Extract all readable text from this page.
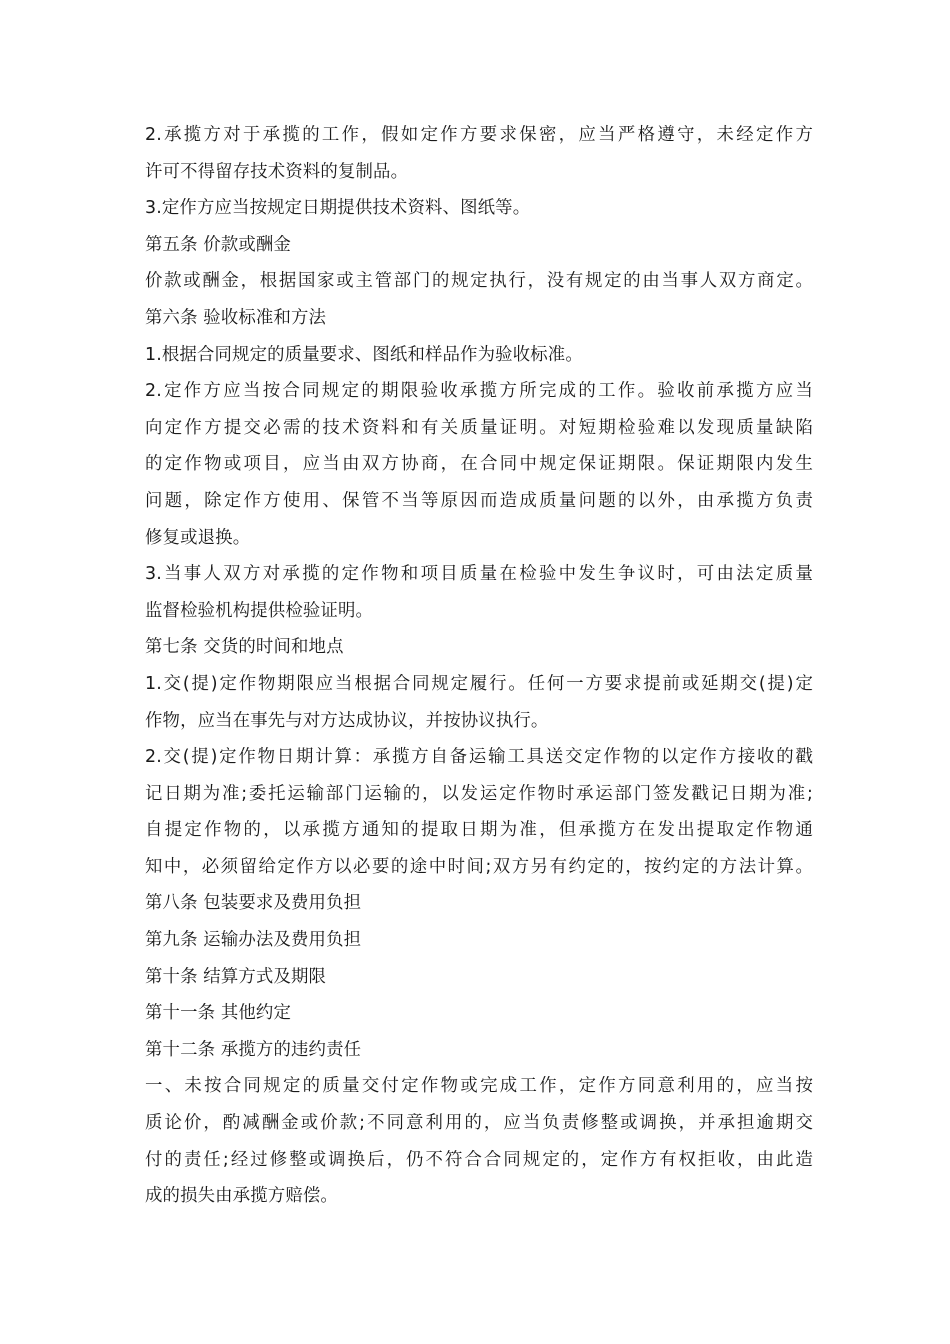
2.承揽方对于承揽的工作，假如定作方要求保密，应当严格遵守，未经定作方
许可不得留存技术资料的复制品。
3.定作方应当按规定日期提供技术资料、图纸等。
第五条 价款或酬金
价款或酬金，根据国家或主管部门的规定执行，没有规定的由当事人双方商定。
第六条 验收标准和方法
1.根据合同规定的质量要求、图纸和样品作为验收标准。
2.定作方应当按合同规定的期限验收承揽方所完成的工作。验收前承揽方应当
向定作方提交必需的技术资料和有关质量证明。对短期检验难以发现质量缺陷
的定作物或项目，应当由双方协商，在合同中规定保证期限。保证期限内发生
问题，除定作方使用、保管不当等原因而造成质量问题的以外，由承揽方负责
修复或退换。
3.当事人双方对承揽的定作物和项目质量在检验中发生争议时，可由法定质量
监督检验机构提供检验证明。
第七条 交货的时间和地点
1.交(提)定作物期限应当根据合同规定履行。任何一方要求提前或延期交(提)定
作物，应当在事先与对方达成协议，并按协议执行。
2.交(提)定作物日期计算：承揽方自备运输工具送交定作物的以定作方接收的戳
记日期为准;委托运输部门运输的，以发运定作物时承运部门签发戳记日期为准;
自提定作物的，以承揽方通知的提取日期为准，但承揽方在发出提取定作物通
知中，必须留给定作方以必要的途中时间;双方另有约定的，按约定的方法计算。
第八条 包装要求及费用负担
第九条 运输办法及费用负担
第十条 结算方式及期限
第十一条 其他约定
第十二条 承揽方的违约责任
一、未按合同规定的质量交付定作物或完成工作，定作方同意利用的，应当按
质论价，酌减酬金或价款;不同意利用的，应当负责修整或调换，并承担逾期交
付的责任;经过修整或调换后，仍不符合合同规定的，定作方有权拒收，由此造
成的损失由承揽方赔偿。
